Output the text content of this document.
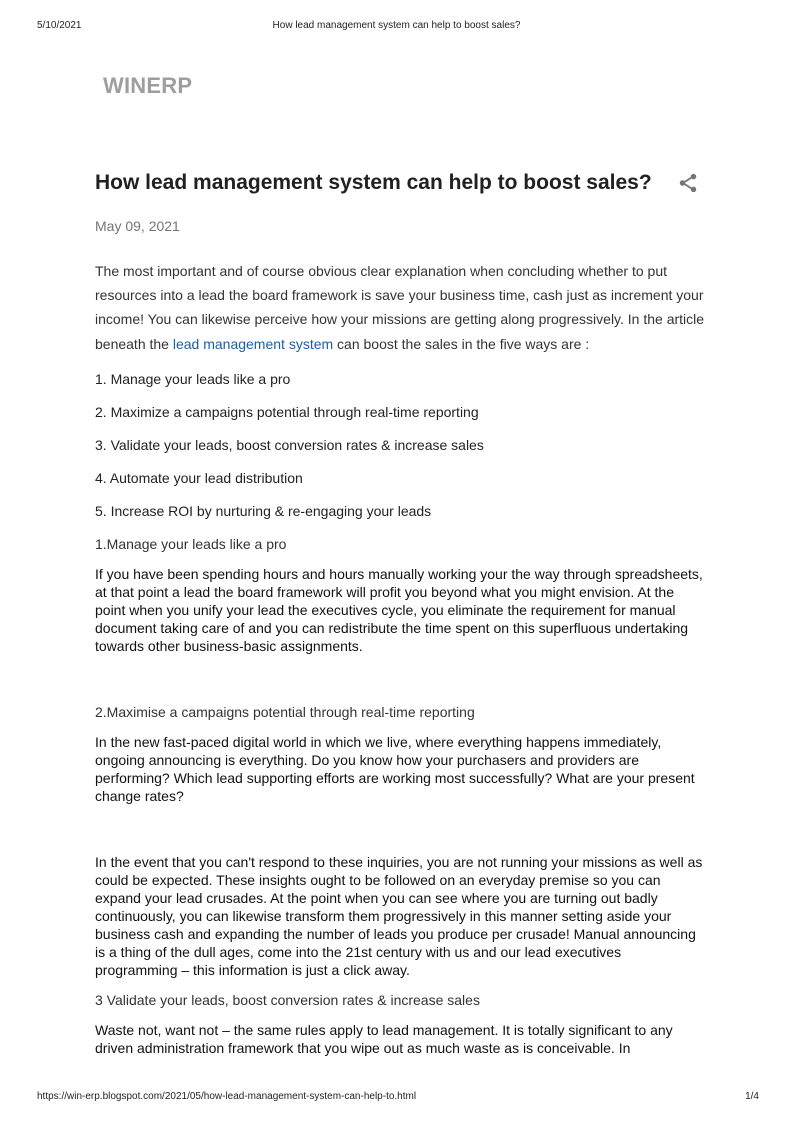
5/10/2021	How lead management system can help to boost sales?
WINERP
How lead management system can help to boost sales?
May 09, 2021

The most important and of course obvious clear explanation when concluding whether to put resources into a lead the board framework is save your business time, cash just as increment your income! You can likewise perceive how your missions are getting along progressively. In the article beneath the lead management system can boost the sales in the five ways are :

1. Manage your leads like a pro

2. Maximize a campaigns potential through real-time reporting

3. Validate your leads, boost conversion rates & increase sales

4. Automate your lead distribution

5. Increase ROI by nurturing & re-engaging your leads

1.Manage your leads like a pro

If you have been spending hours and hours manually working your the way through spreadsheets, at that point a lead the board framework will profit you beyond what you might envision. At the point when you unify your lead the executives cycle, you eliminate the requirement for manual document taking care of and you can redistribute the time spent on this superfluous undertaking towards other business-basic assignments.

2.Maximise a campaigns potential through real-time reporting

In the new fast-paced digital world in which we live, where everything happens immediately, ongoing announcing is everything. Do you know how your purchasers and providers are performing? Which lead supporting efforts are working most successfully? What are your present change rates?

In the event that you can't respond to these inquiries, you are not running your missions as well as could be expected. These insights ought to be followed on an everyday premise so you can expand your lead crusades. At the point when you can see where you are turning out badly continuously, you can likewise transform them progressively in this manner setting aside your business cash and expanding the number of leads you produce per crusade! Manual announcing is a thing of the dull ages, come into the 21st century with us and our lead executives programming – this information is just a click away.

3 Validate your leads, boost conversion rates & increase sales

Waste not, want not – the same rules apply to lead management. It is totally significant to any driven administration framework that you wipe out as much waste as is conceivable. In

https://win-erp.blogspot.com/2021/05/how-lead-management-system-can-help-to.html	1/4
